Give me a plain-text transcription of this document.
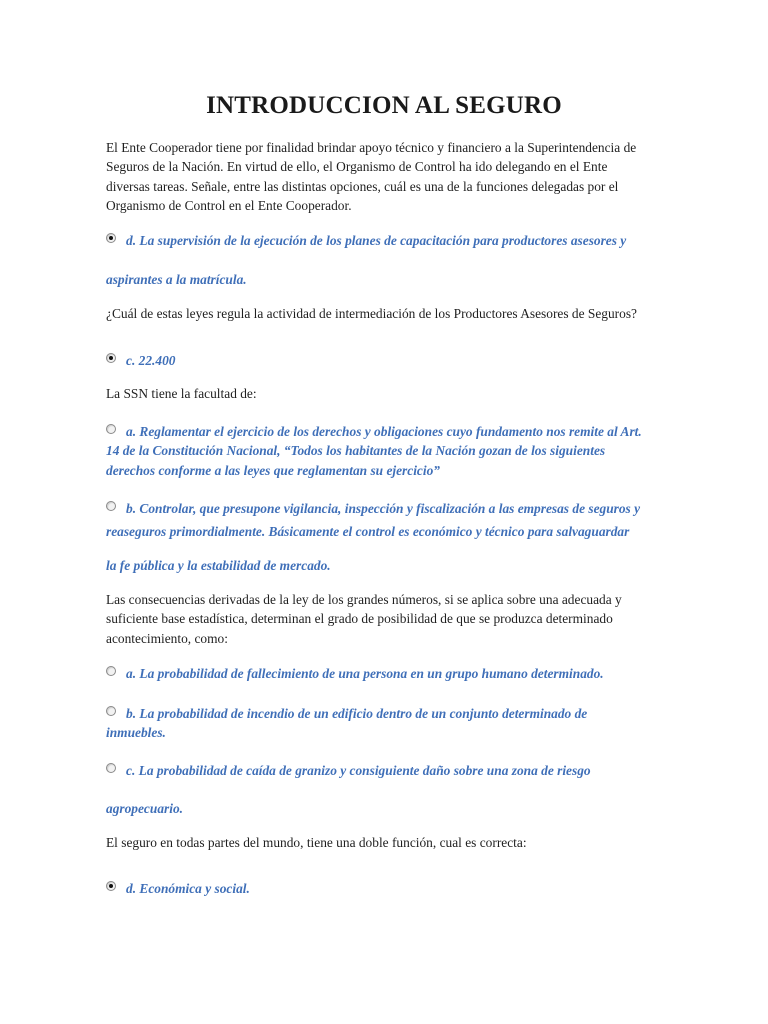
INTRODUCCION AL SEGURO

El Ente Cooperador tiene por finalidad brindar apoyo técnico y financiero a la Superintendencia de Seguros de la Nación. En virtud de ello, el Organismo de Control ha ido delegando en el Ente diversas tareas. Señale, entre las distintas opciones, cuál es una de la funciones delegadas por el Organismo de Control en el Ente Cooperador.

d. La supervisión de la ejecución de los planes de capacitación para productores asesores y
aspirantes a la matrícula.

¿Cuál de estas leyes regula la actividad de intermediación de los Productores Asesores de Seguros?

c. 22.400

La SSN tiene la facultad de:

a. Reglamentar el ejercicio de los derechos y obligaciones cuyo fundamento nos remite al Art. 14 de la Constitución Nacional, “Todos los habitantes de la Nación gozan de los siguientes derechos conforme a las leyes que reglamentan su ejercicio”
b. Controlar, que presupone vigilancia, inspección y fiscalización a las empresas de seguros y reaseguros primordialmente. Básicamente el control es económico y técnico para salvaguardar
la fe pública y la estabilidad de mercado.

Las consecuencias derivadas de la ley de los grandes números, si se aplica sobre una adecuada y suficiente base estadística, determinan el grado de posibilidad de que se produzca determinado acontecimiento, como:

a. La probabilidad de fallecimiento de una persona en un grupo humano determinado.
b. La probabilidad de incendio de un edificio dentro de un conjunto determinado de inmuebles.
c. La probabilidad de caída de granizo y consiguiente daño sobre una zona de riesgo
agropecuario.

El seguro en todas partes del mundo, tiene una doble función, cual es correcta:

d. Económica y social.
